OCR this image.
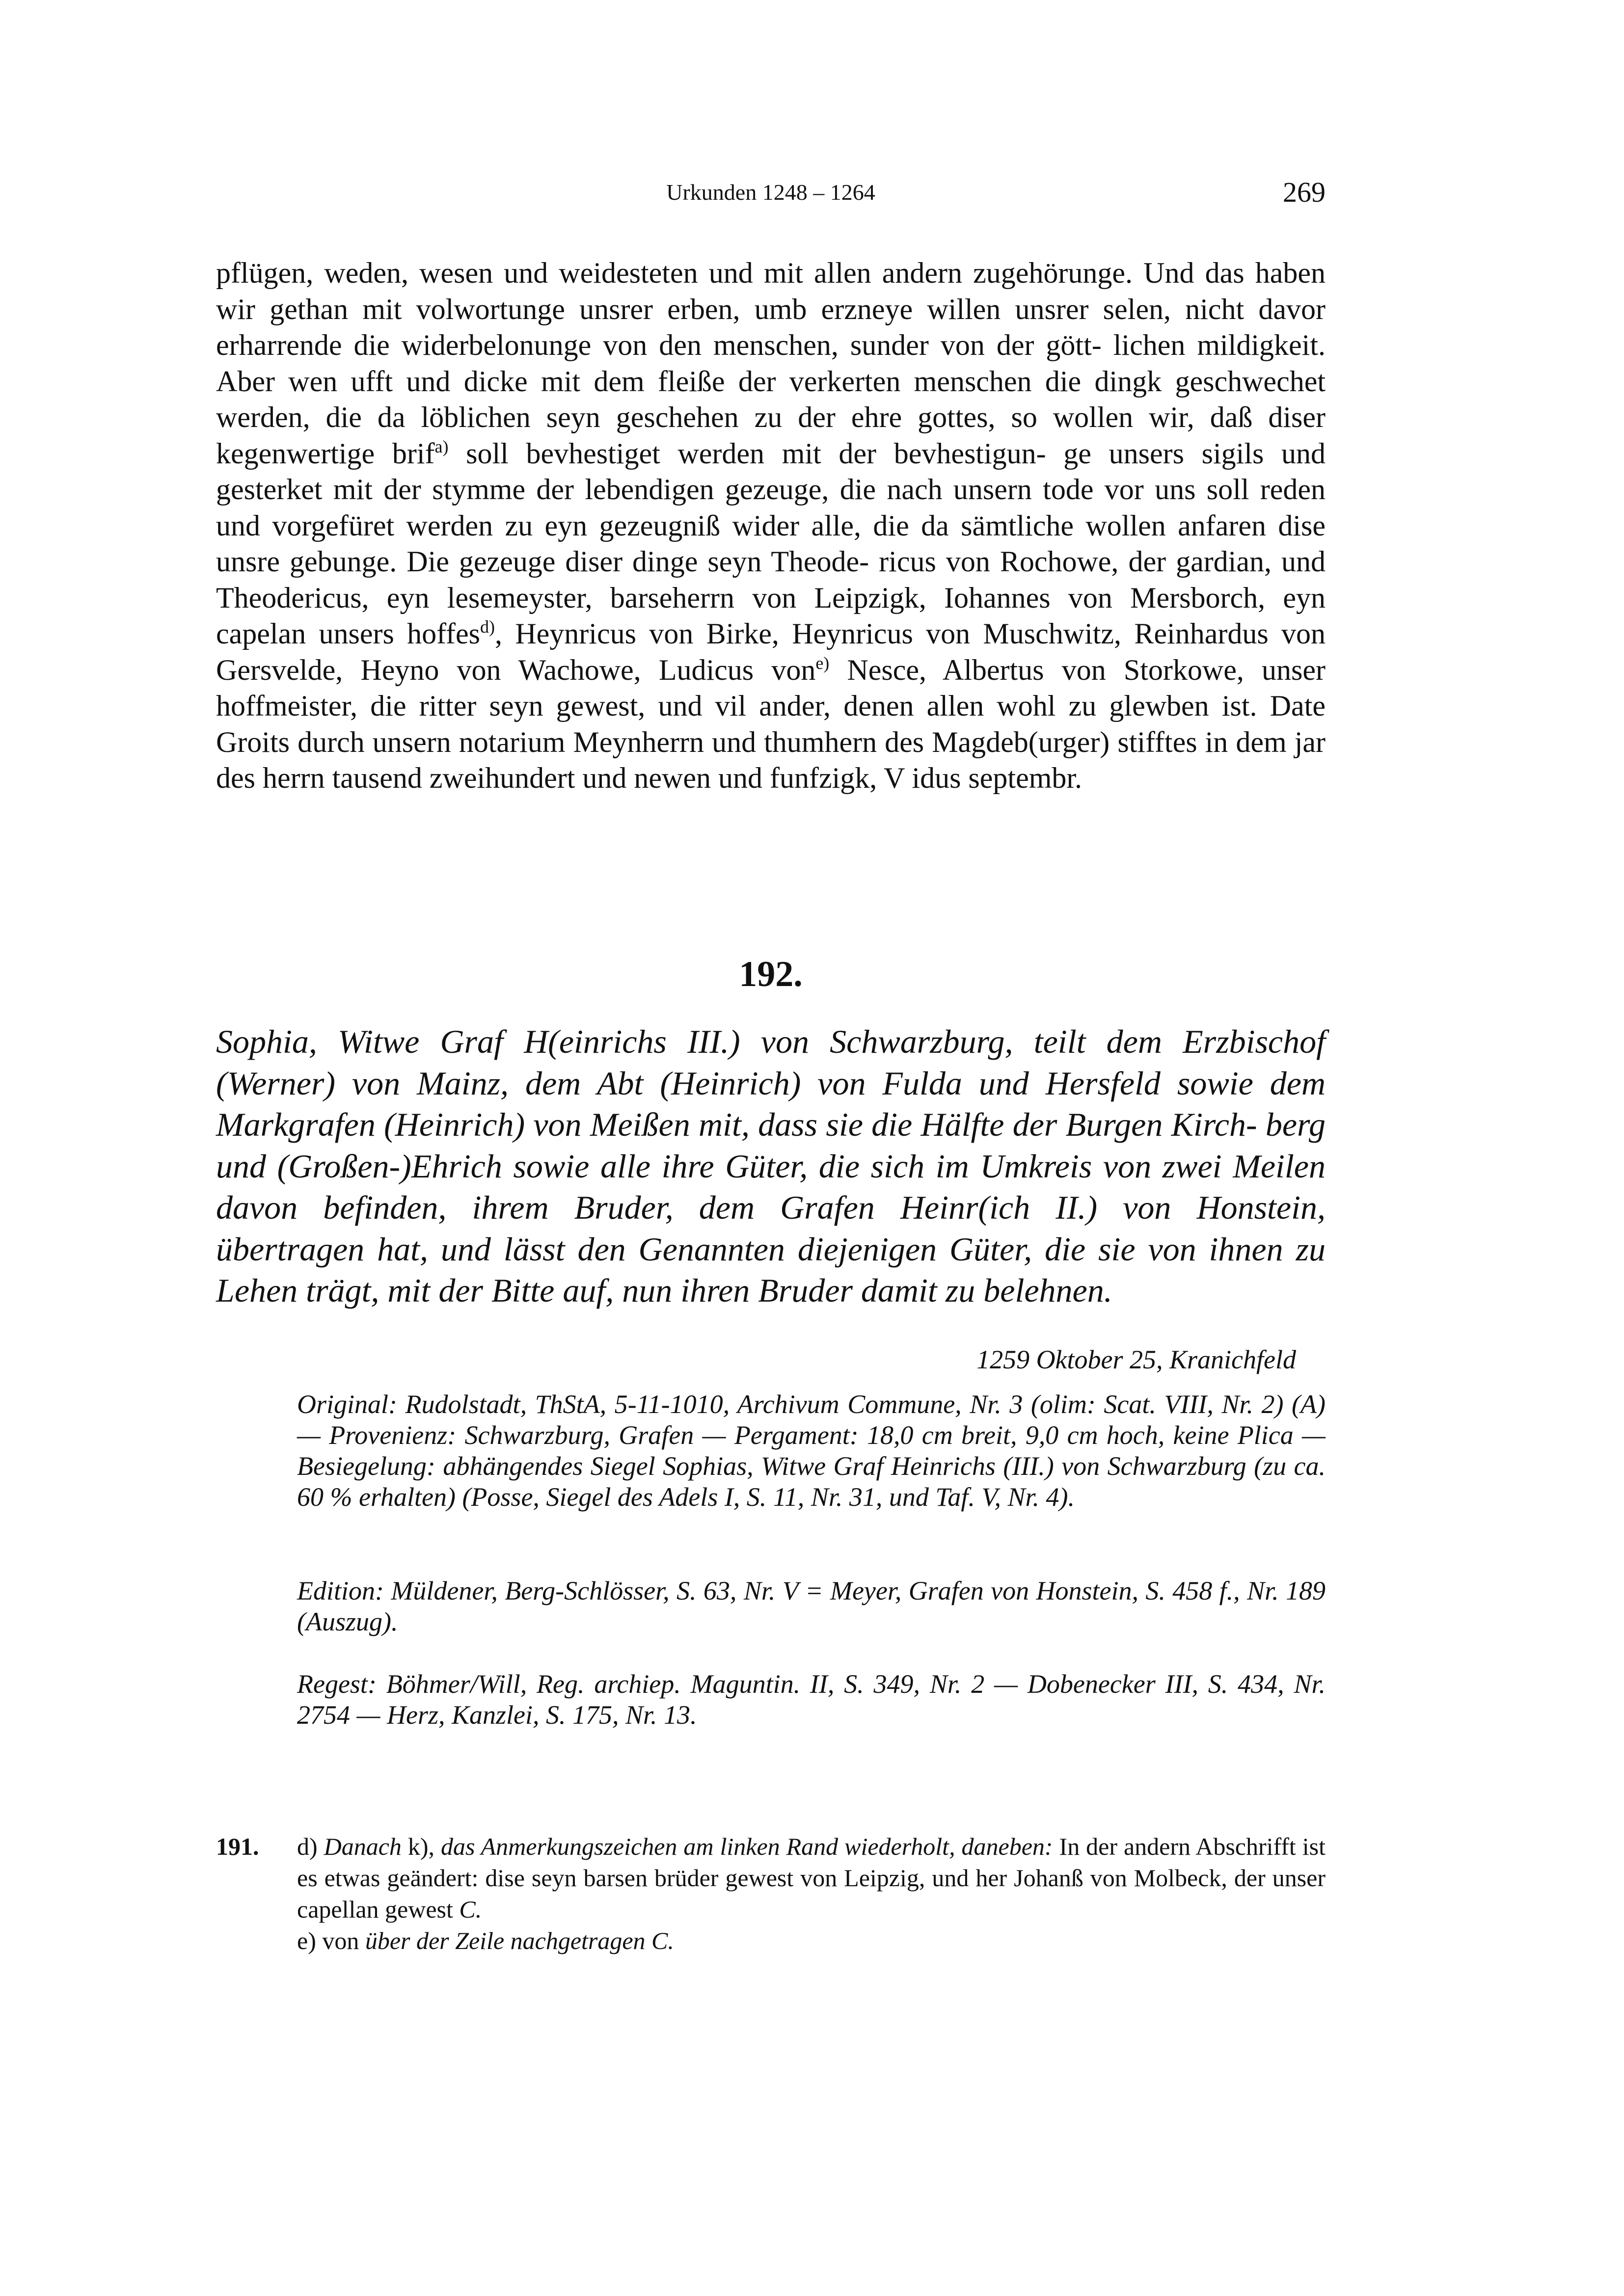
Urkunden 1248 – 1264	269

pflügen, weden, wesen und weidesteten und mit allen andern zugehörunge. Und das haben wir gethan mit volwortunge unsrer erben, umb erzneye willen unsrer selen, nicht davor erharrende die widerbelonunge von den menschen, sunder von der gött- lichen mildigkeit. Aber wen ufft und dicke mit dem fleiße der verkerten menschen die dingk geschwechet werden, die da löblichen seyn geschehen zu der ehre gottes, so wollen wir, daß diser kegenwertige brif$^{a)}$ soll bevhestiget werden mit der bevhestigun- ge unsers sigils und gesterket mit der stymme der lebendigen gezeuge, die nach unsern tode vor uns soll reden und vorgefüret werden zu eyn gezeugniß wider alle, die da sämtliche wollen anfaren dise unsre gebunge. Die gezeuge diser dinge seyn Theode- ricus von Rochowe, der gardian, und Theodericus, eyn lesemeyster, barseherrn von Leipzigk, Iohannes von Mersborch, eyn capelan unsers hoffes$^{d)}$, Heynricus von Birke, Heynricus von Muschwitz, Reinhardus von Gersvelde, Heyno von Wachowe, Ludicus von$^{e)}$ Nesce, Albertus von Storkowe, unser hoffmeister, die ritter seyn gewest, und vil ander, denen allen wohl zu glewben ist. Date Groits durch unsern notarium Meynherrn und thumhern des Magdeb(urger) stifftes in dem jar des herrn tausend zweihundert und newen und funfzigk, V idus septembr.

192.

Sophia, Witwe Graf H(einrichs III.) von Schwarzburg, teilt dem Erzbischof (Werner) von Mainz, dem Abt (Heinrich) von Fulda und Hersfeld sowie dem Markgrafen (Heinrich) von Meißen mit, dass sie die Hälfte der Burgen Kirch- berg und (Großen-)Ehrich sowie alle ihre Güter, die sich im Umkreis von zwei Meilen davon befinden, ihrem Bruder, dem Grafen Heinr(ich II.) von Honstein, übertragen hat, und lässt den Genannten diejenigen Güter, die sie von ihnen zu Lehen trägt, mit der Bitte auf, nun ihren Bruder damit zu belehnen.

1259 Oktober 25, Kranichfeld

Original: Rudolstadt, ThStA, 5-11-1010, Archivum Commune, Nr. 3 (olim: Scat. VIII, Nr. 2) (A) — Provenienz: Schwarzburg, Grafen — Pergament: 18,0 cm breit, 9,0 cm hoch, keine Plica — Besiegelung: abhängendes Siegel Sophias, Witwe Graf Heinrichs (III.) von Schwarzburg (zu ca. 60 % erhalten) (Posse, Siegel des Adels I, S. 11, Nr. 31, und Taf. V, Nr. 4).

Edition: Müldener, Berg-Schlösser, S. 63, Nr. V = Meyer, Grafen von Honstein, S. 458 f., Nr. 189 (Auszug).

Regest: Böhmer/Will, Reg. archiep. Maguntin. II, S. 349, Nr. 2 — Dobenecker III, S. 434, Nr. 2754 — Herz, Kanzlei, S. 175, Nr. 13.

191. d) Danach k), das Anmerkungszeichen am linken Rand wiederholt, daneben: In der andern Abschrifft ist es etwas geändert: dise seyn barsen brüder gewest von Leipzig, und her Johanß von Molbeck, der unser capellan gewest C.

e) von über der Zeile nachgetragen C.
